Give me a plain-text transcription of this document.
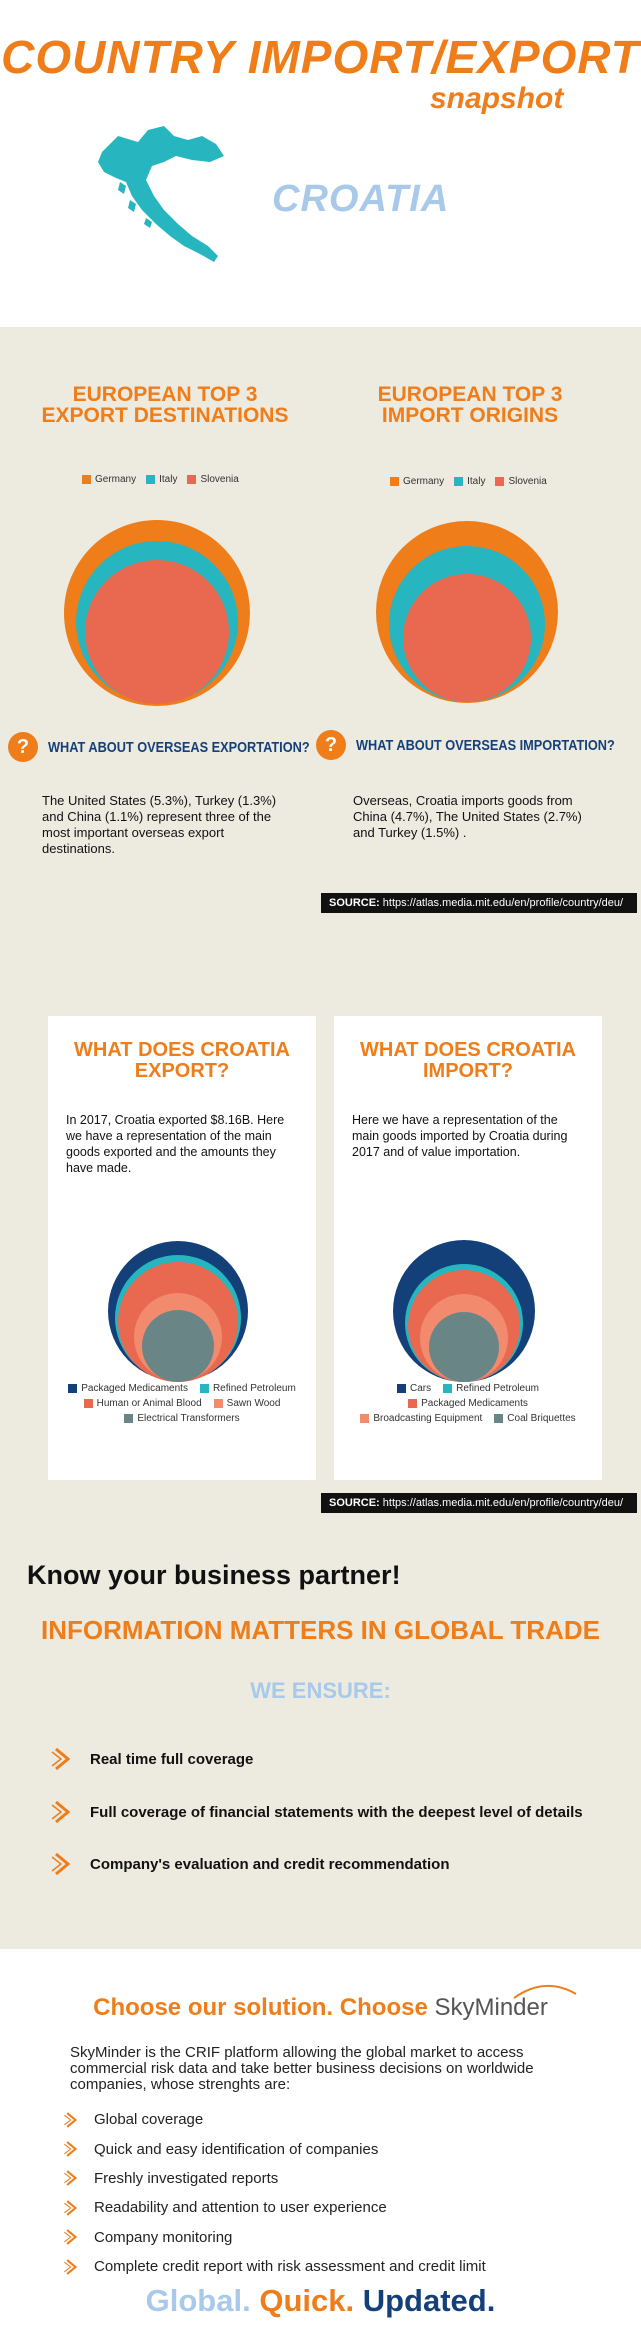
COUNTRY IMPORT/EXPORT
snapshot
CROATIA
EUROPEAN TOP 3
EXPORT DESTINATIONS
Germany	Italy	Slovenia
EUROPEAN TOP 3
IMPORT ORIGINS
Germany	Italy	Slovenia
?	WHAT ABOUT OVERSEAS EXPORTATION? ?	WHAT ABOUT OVERSEAS IMPORTATION?
The United States (5.3%), Turkey (1.3%) and China (1.1%) represent three of the most important overseas export destinations.
Overseas, Croatia imports goods from China (4.7%), The United States (2.7%) and Turkey (1.5%) .
SOURCE: https://atlas.media.mit.edu/en/profile/country/deu/
WHAT DOES CROATIA
EXPORT?
In 2017, Croatia exported $8.16B. Here we have a representation of the main goods exported and the amounts they have made.
Packaged Medicaments	Refined Petroleum
Human or Animal Blood	Sawn Wood
Electrical Transformers
WHAT DOES CROATIA
IMPORT?
Here we have a representation of the main goods imported by Croatia during 2017 and of value importation.
Cars	Refined Petroleum
Packaged Medicaments
Broadcasting Equipment	Coal Briquettes
SOURCE: https://atlas.media.mit.edu/en/profile/country/deu/
Know your business partner!
INFORMATION MATTERS IN GLOBAL TRADE
WE ENSURE:
Real time full coverage
Full coverage of financial statements with the deepest level of details
Company's evaluation and credit recommendation
Choose our solution. Choose SkyMinder
SkyMinder is the CRIF platform allowing the global market to access commercial risk data and take better business decisions on worldwide companies, whose strenghts are:
Global coverage
Quick and easy identification of companies
Freshly investigated reports
Readability and attention to user experience
Company monitoring
Complete credit report with risk assessment and credit limit
Global. Quick. Updated.
